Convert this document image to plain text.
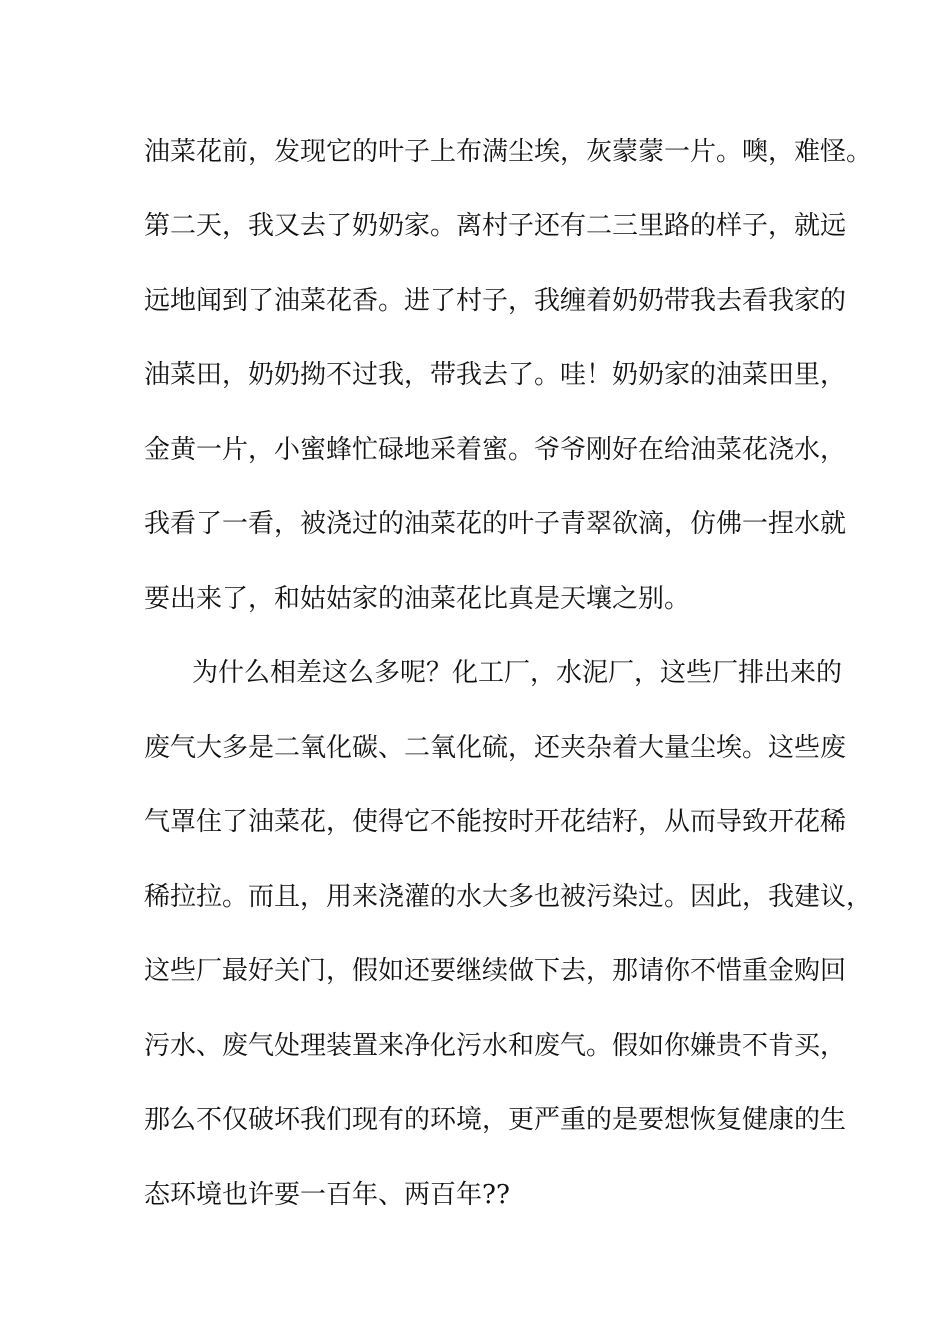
油菜花前，发现它的叶子上布满尘埃，灰蒙蒙一片。噢，难怪。
第二天，我又去了奶奶家。离村子还有二三里路的样子，就远
远地闻到了油菜花香。进了村子，我缠着奶奶带我去看我家的
油菜田，奶奶拗不过我，带我去了。哇！奶奶家的油菜田里，
金黄一片，小蜜蜂忙碌地采着蜜。爷爷刚好在给油菜花浇水，
我看了一看，被浇过的油菜花的叶子青翠欲滴，仿佛一捏水就
要出来了，和姑姑家的油菜花比真是天壤之别。
为什么相差这么多呢？化工厂，水泥厂，这些厂排出来的
废气大多是二氧化碳、二氧化硫，还夹杂着大量尘埃。这些废
气罩住了油菜花，使得它不能按时开花结籽，从而导致开花稀
稀拉拉。而且，用来浇灌的水大多也被污染过。因此，我建议，
这些厂最好关门，假如还要继续做下去，那请你不惜重金购回
污水、废气处理装置来净化污水和废气。假如你嫌贵不肯买，
那么不仅破坏我们现有的环境，更严重的是要想恢复健康的生
态环境也许要一百年、两百年??
